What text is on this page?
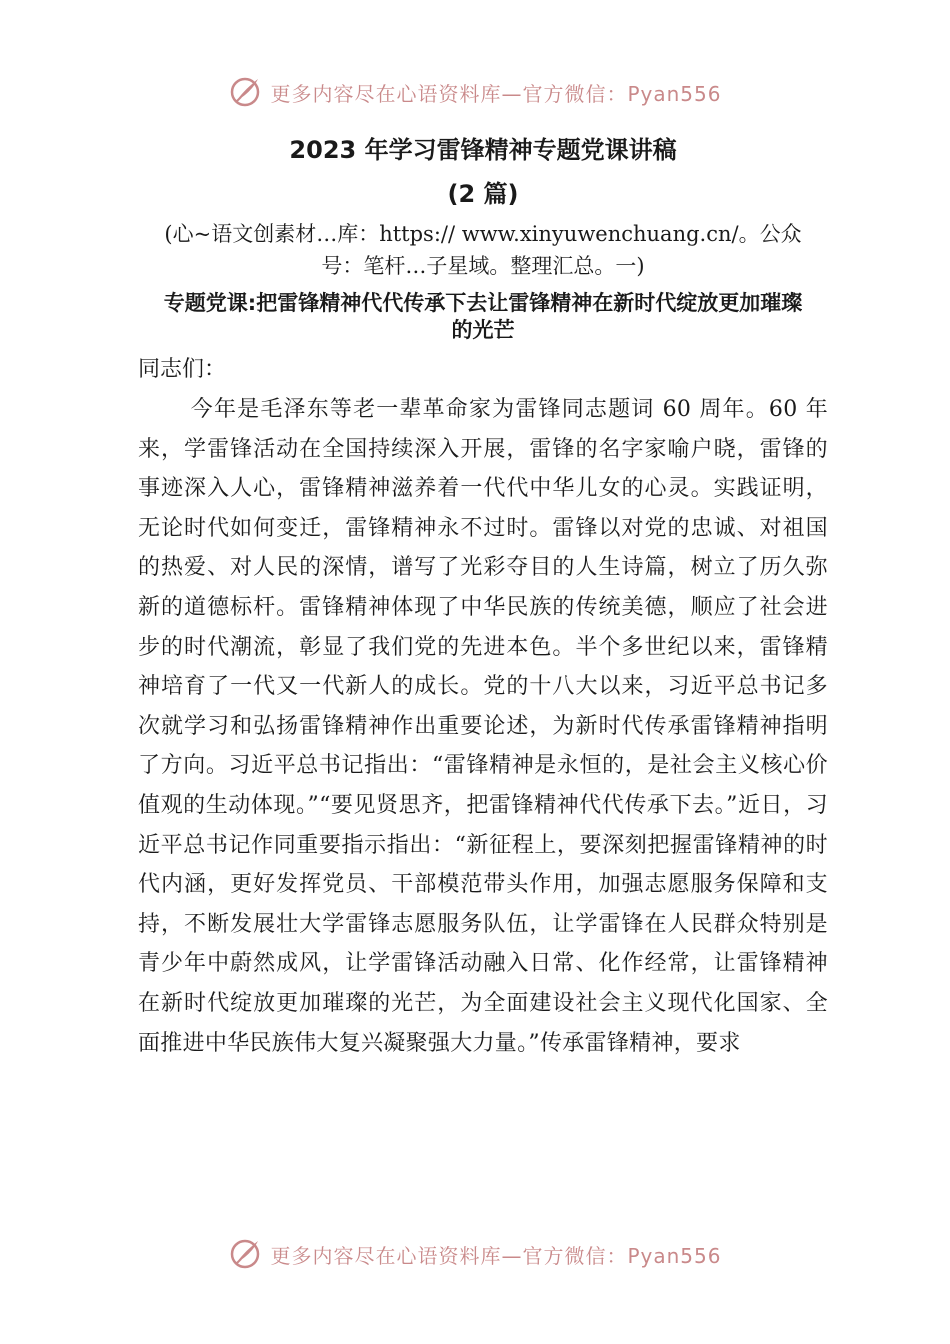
更多内容尽在心语资料库—官方微信：Pyan556
2023 年学习雷锋精神专题党课讲稿
(2 篇)

(心~语文创素材…库：https:// www.xinyuwenchuang.cn/。公众号：笔杆…子星域。整理汇总。一)

专题党课:把雷锋精神代代传承下去让雷锋精神在新时代绽放更加璀璨的光芒

同志们：

今年是毛泽东等老一辈革命家为雷锋同志题词 60 周年。60 年来，学雷锋活动在全国持续深入开展，雷锋的名字家喻户晓，雷锋的事迹深入人心，雷锋精神滋养着一代代中华儿女的心灵。实践证明，无论时代如何变迁，雷锋精神永不过时。雷锋以对党的忠诚、对祖国的热爱、对人民的深情，谱写了光彩夺目的人生诗篇，树立了历久弥新的道德标杆。雷锋精神体现了中华民族的传统美德，顺应了社会进步的时代潮流，彰显了我们党的先进本色。半个多世纪以来，雷锋精神培育了一代又一代新人的成长。党的十八大以来，习近平总书记多次就学习和弘扬雷锋精神作出重要论述，为新时代传承雷锋精神指明了方向。习近平总书记指出：“雷锋精神是永恒的，是社会主义核心价值观的生动体现。”“要见贤思齐，把雷锋精神代代传承下去。”近日，习近平总书记作同重要指示指出：“新征程上，要深刻把握雷锋精神的时代内涵，更好发挥党员、干部模范带头作用，加强志愿服务保障和支持，不断发展壮大学雷锋志愿服务队伍，让学雷锋在人民群众特别是青少年中蔚然成风，让学雷锋活动融入日常、化作经常，让雷锋精神在新时代绽放更加璀璨的光芒，为全面建设社会主义现代化国家、全面推进中华民族伟大复兴凝聚强大力量。”传承雷锋精神，要求

更多内容尽在心语资料库—官方微信：Pyan556
